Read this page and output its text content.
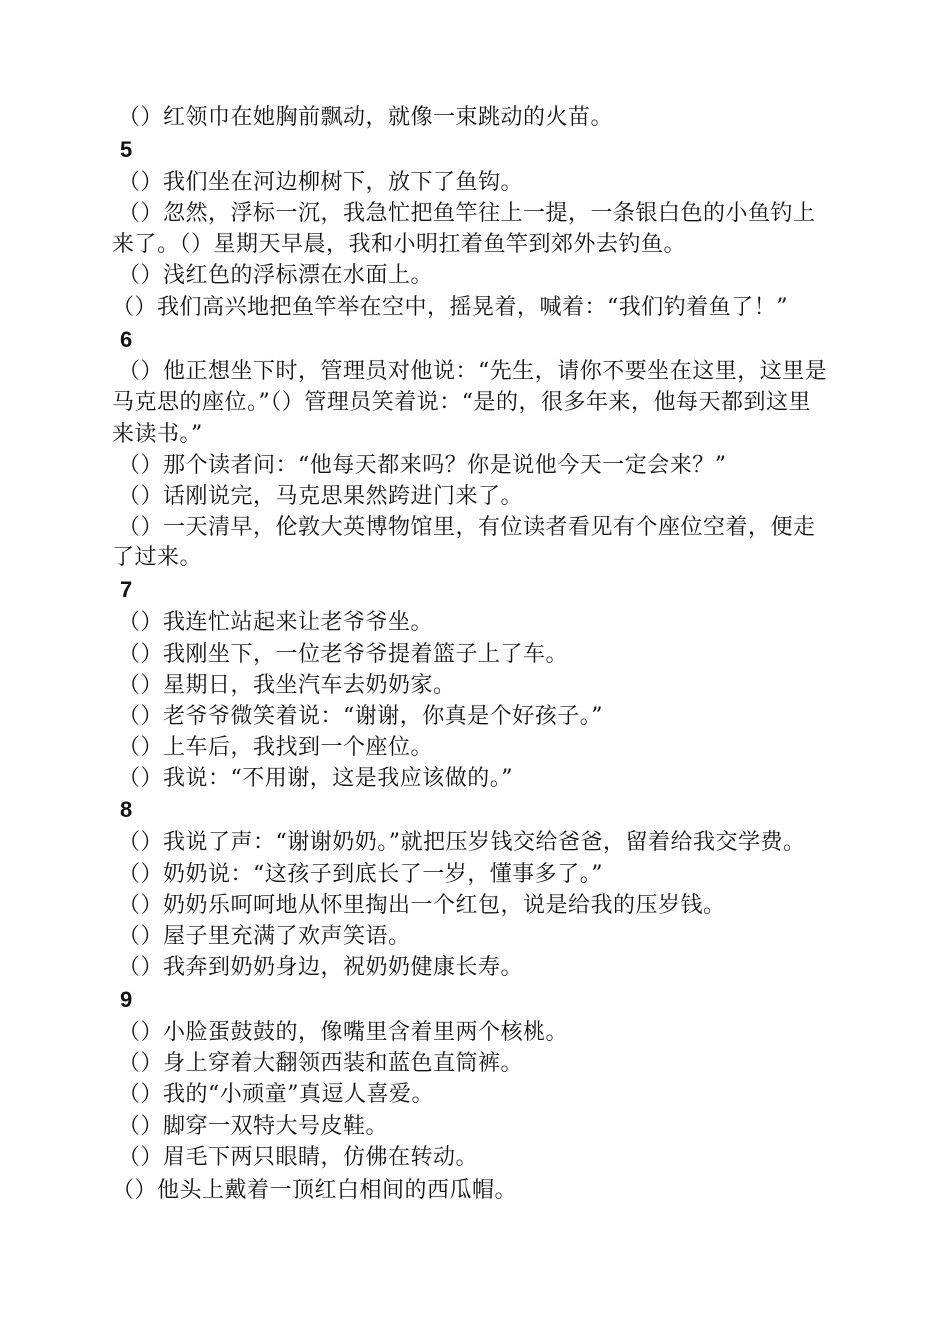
（）红领巾在她胸前飘动，就像一束跳动的火苗。
5
（）我们坐在河边柳树下，放下了鱼钩。
（）忽然，浮标一沉，我急忙把鱼竿往上一提，一条银白色的小鱼钓上
来了。（）星期天早晨，我和小明扛着鱼竿到郊外去钓鱼。
（）浅红色的浮标漂在水面上。
（）我们高兴地把鱼竿举在空中，摇晃着，喊着：“我们钓着鱼了！”
6
（）他正想坐下时，管理员对他说：“先生，请你不要坐在这里，这里是
马克思的座位。”（）管理员笑着说：“是的，很多年来，他每天都到这里
来读书。”
（）那个读者问：“他每天都来吗？你是说他今天一定会来？”
（）话刚说完，马克思果然跨进门来了。
（）一天清早，伦敦大英博物馆里，有位读者看见有个座位空着，便走
了过来。
7
（）我连忙站起来让老爷爷坐。
（）我刚坐下，一位老爷爷提着篮子上了车。
（）星期日，我坐汽车去奶奶家。
（）老爷爷微笑着说：“谢谢，你真是个好孩子。”
（）上车后，我找到一个座位。
（）我说：“不用谢，这是我应该做的。”
8
（）我说了声：“谢谢奶奶。”就把压岁钱交给爸爸，留着给我交学费。
（）奶奶说：“这孩子到底长了一岁，懂事多了。”
（）奶奶乐呵呵地从怀里掏出一个红包，说是给我的压岁钱。
（）屋子里充满了欢声笑语。
（）我奔到奶奶身边，祝奶奶健康长寿。
9
（）小脸蛋鼓鼓的，像嘴里含着里两个核桃。
（）身上穿着大翻领西装和蓝色直筒裤。
（）我的“小顽童”真逗人喜爱。
（）脚穿一双特大号皮鞋。
（）眉毛下两只眼睛，仿佛在转动。
（）他头上戴着一顶红白相间的西瓜帽。
